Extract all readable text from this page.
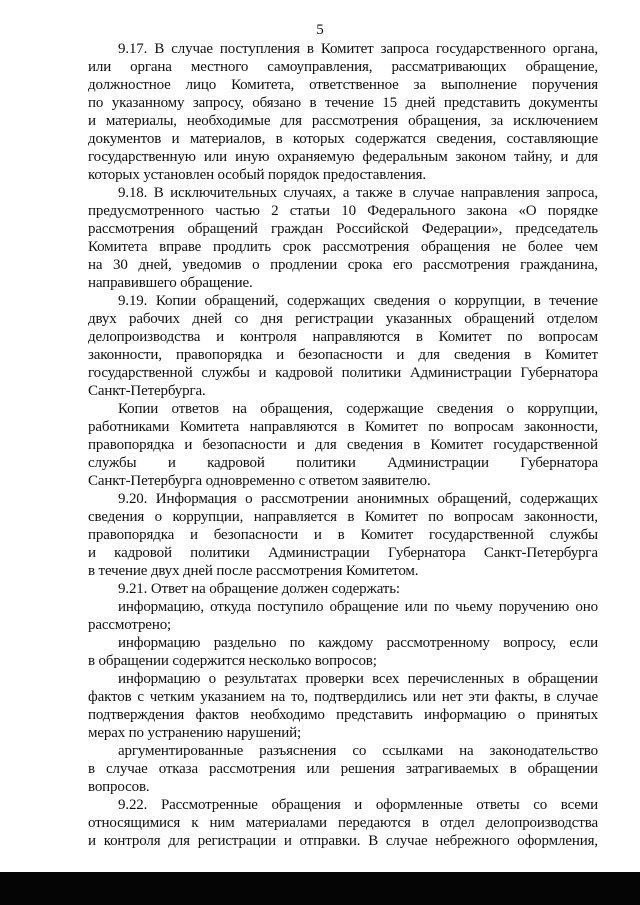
5
9.17. В случае поступления в Комитет запроса государственного органа,
или органа местного самоуправления, рассматривающих обращение,
должностное лицо Комитета, ответственное за выполнение поручения
по указанному запросу, обязано в течение 15 дней представить документы
и материалы, необходимые для рассмотрения обращения, за исключением
документов и материалов, в которых содержатся сведения, составляющие
государственную или иную охраняемую федеральным законом тайну, и для
которых установлен особый порядок предоставления.
9.18. В исключительных случаях, а также в случае направления запроса,
предусмотренного частью 2 статьи 10 Федерального закона «О порядке
рассмотрения обращений граждан Российской Федерации», председатель
Комитета вправе продлить срок рассмотрения обращения не более чем
на 30 дней, уведомив о продлении срока его рассмотрения гражданина,
направившего обращение.
9.19. Копии обращений, содержащих сведения о коррупции, в течение
двух рабочих дней со дня регистрации указанных обращений отделом
делопроизводства и контроля направляются в Комитет по вопросам
законности, правопорядка и безопасности и для сведения в Комитет
государственной службы и кадровой политики Администрации Губернатора
Санкт-Петербурга.
Копии ответов на обращения, содержащие сведения о коррупции,
работниками Комитета направляются в Комитет по вопросам законности,
правопорядка и безопасности и для сведения в Комитет государственной
службы и кадровой политики Администрации Губернатора
Санкт-Петербурга одновременно с ответом заявителю.
9.20. Информация о рассмотрении анонимных обращений, содержащих
сведения о коррупции, направляется в Комитет по вопросам законности,
правопорядка и безопасности и в Комитет государственной службы
и кадровой политики Администрации Губернатора Санкт-Петербурга
в течение двух дней после рассмотрения Комитетом.
9.21. Ответ на обращение должен содержать:
информацию, откуда поступило обращение или по чьему поручению оно
рассмотрено;
информацию раздельно по каждому рассмотренному вопросу, если
в обращении содержится несколько вопросов;
информацию о результатах проверки всех перечисленных в обращении
фактов с четким указанием на то, подтвердились или нет эти факты, в случае
подтверждения фактов необходимо представить информацию о принятых
мерах по устранению нарушений;
аргументированные разъяснения со ссылками на законодательство
в случае отказа рассмотрения или решения затрагиваемых в обращении
вопросов.
9.22. Рассмотренные обращения и оформленные ответы со всеми
относящимися к ним материалами передаются в отдел делопроизводства
и контроля для регистрации и отправки. В случае небрежного оформления,
